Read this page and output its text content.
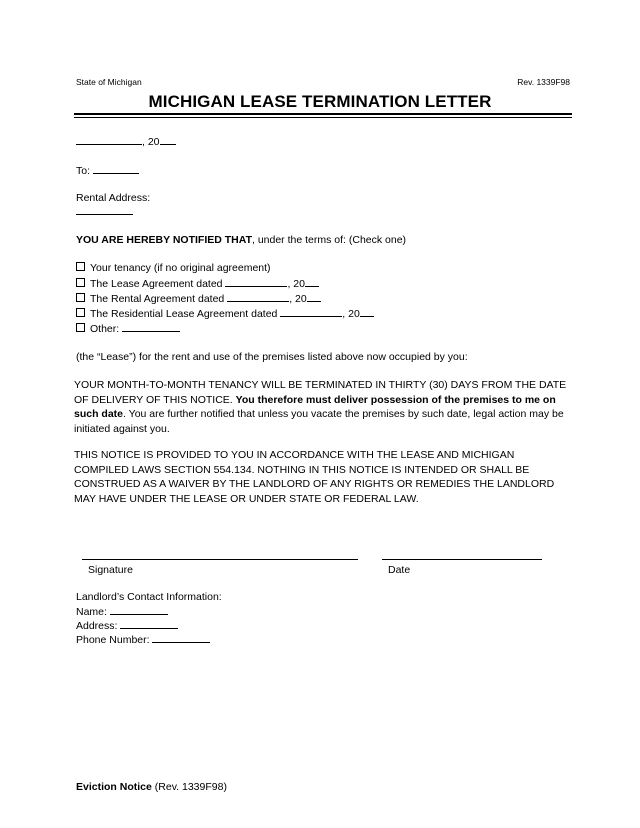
State of Michigan	Rev. 1339F98
MICHIGAN LEASE TERMINATION LETTER
, 20
To:
Rental Address:
YOU ARE HEREBY NOTIFIED THAT, under the terms of: (Check one)
Your tenancy (if no original agreement)
The Lease Agreement dated	, 20
The Rental Agreement dated	, 20
The Residential Lease Agreement dated	, 20
Other:
(the “Lease”) for the rent and use of the premises listed above now occupied by you:
YOUR MONTH-TO-MONTH TENANCY WILL BE TERMINATED IN THIRTY (30) DAYS FROM THE DATE OF DELIVERY OF THIS NOTICE. You therefore must deliver possession of the premises to me on such date. You are further notified that unless you vacate the premises by such date, legal action may be initiated against you.
THIS NOTICE IS PROVIDED TO YOU IN ACCORDANCE WITH THE LEASE AND MICHIGAN COMPILED LAWS SECTION 554.134. NOTHING IN THIS NOTICE IS INTENDED OR SHALL BE CONSTRUED AS A WAIVER BY THE LANDLORD OF ANY RIGHTS OR REMEDIES THE LANDLORD MAY HAVE UNDER THE LEASE OR UNDER STATE OR FEDERAL LAW.
Signature	Date
Landlord’s Contact Information:
Name:
Address:
Phone Number:
Eviction Notice (Rev. 1339F98)
